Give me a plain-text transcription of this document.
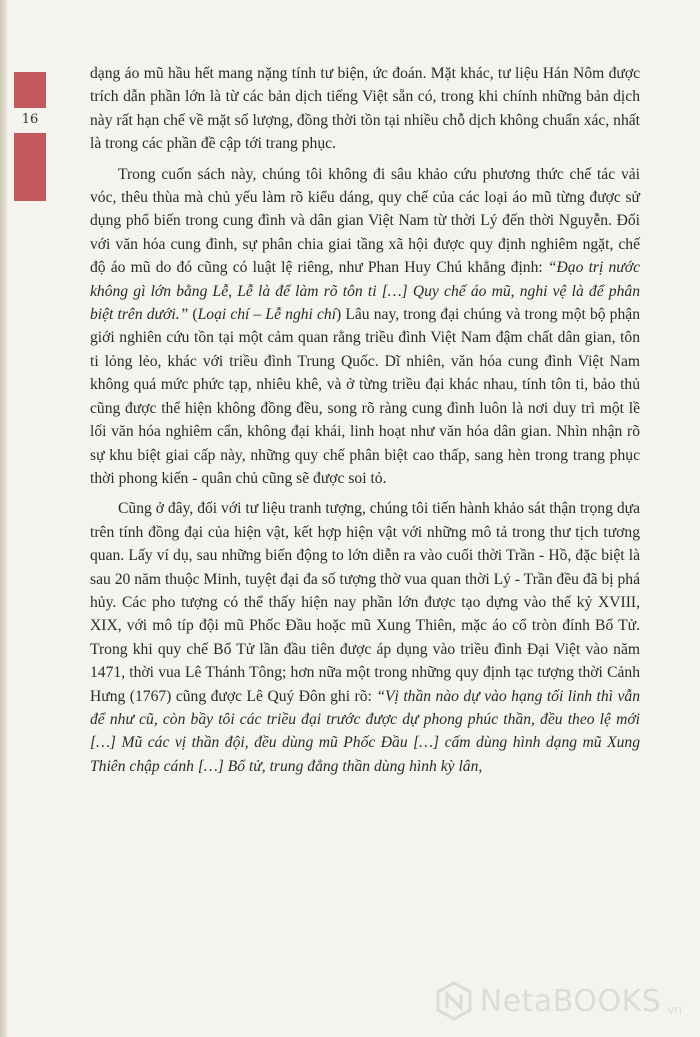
16

dạng áo mũ hầu hết mang nặng tính tư biện, ức đoán. Mặt khác, tư liệu Hán Nôm được trích dẫn phần lớn là từ các bản dịch tiếng Việt sẵn có, trong khi chính những bản dịch này rất hạn chế về mặt số lượng, đồng thời tồn tại nhiều chỗ dịch không chuẩn xác, nhất là trong các phần đề cập tới trang phục.

Trong cuốn sách này, chúng tôi không đi sâu khảo cứu phương thức chế tác vải vóc, thêu thùa mà chủ yếu làm rõ kiểu dáng, quy chế của các loại áo mũ từng được sử dụng phổ biến trong cung đình và dân gian Việt Nam từ thời Lý đến thời Nguyễn. Đối với văn hóa cung đình, sự phân chia giai tầng xã hội được quy định nghiêm ngặt, chế độ áo mũ do đó cũng có luật lệ riêng, như Phan Huy Chú khẳng định: “Đạo trị nước không gì lớn bằng Lễ, Lễ là để làm rõ tôn ti […] Quy chế áo mũ, nghi vệ là để phân biệt trên dưới.” (Loại chí – Lễ nghi chí) Lâu nay, trong đại chúng và trong một bộ phận giới nghiên cứu tồn tại một cảm quan rằng triều đình Việt Nam đậm chất dân gian, tôn ti lỏng lẻo, khác với triều đình Trung Quốc. Dĩ nhiên, văn hóa cung đình Việt Nam không quá mức phức tạp, nhiêu khê, và ở từng triều đại khác nhau, tính tôn ti, bảo thủ cũng được thể hiện không đồng đều, song rõ ràng cung đình luôn là nơi duy trì một lề lối văn hóa nghiêm cẩn, không đại khái, linh hoạt như văn hóa dân gian. Nhìn nhận rõ sự khu biệt giai cấp này, những quy chế phân biệt cao thấp, sang hèn trong trang phục thời phong kiến - quân chủ cũng sẽ được soi tỏ.

Cũng ở đây, đối với tư liệu tranh tượng, chúng tôi tiến hành khảo sát thận trọng dựa trên tính đồng đại của hiện vật, kết hợp hiện vật với những mô tả trong thư tịch tương quan. Lấy ví dụ, sau những biến động to lớn diễn ra vào cuối thời Trần - Hồ, đặc biệt là sau 20 năm thuộc Minh, tuyệt đại đa số tượng thờ vua quan thời Lý - Trần đều đã bị phá hủy. Các pho tượng có thể thấy hiện nay phần lớn được tạo dựng vào thế kỷ XVIII, XIX, với mô típ đội mũ Phốc Đầu hoặc mũ Xung Thiên, mặc áo cổ tròn đính Bổ Tử. Trong khi quy chế Bổ Tử lần đầu tiên được áp dụng vào triều đình Đại Việt vào năm 1471, thời vua Lê Thánh Tông; hơn nữa một trong những quy định tạc tượng thời Cảnh Hưng (1767) cũng được Lê Quý Đôn ghi rõ: “Vị thần nào dự vào hạng tối linh thì vẫn để như cũ, còn bầy tôi các triều đại trước được dự phong phúc thần, đều theo lệ mới […] Mũ các vị thần đội, đều dùng mũ Phốc Đầu […] cấm dùng hình dạng mũ Xung Thiên chập cánh […] Bổ tử, trung đẳng thần dùng hình kỳ lân,

NetaBOOKS vn
